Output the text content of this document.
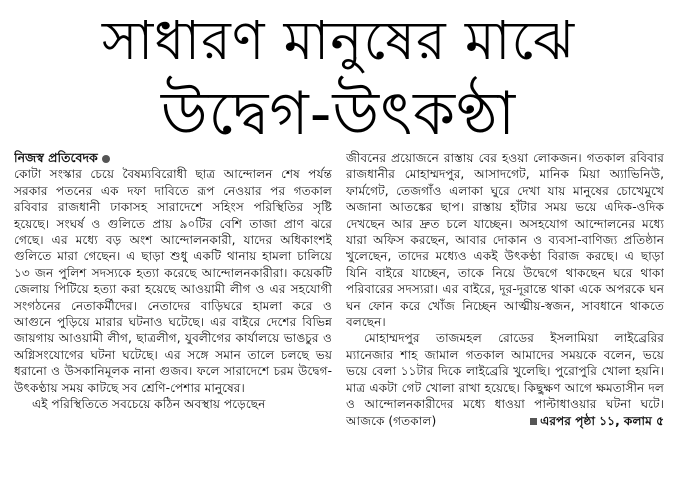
সাধারণ মানুষের মাঝে
উদ্বেগ-উৎকণ্ঠা
নিজস্ব প্রতিবেদক

কোটা সংস্কার চেয়ে বৈষম্যবিরোধী ছাত্র আন্দোলন শেষ পর্যন্ত সরকার পতনের এক দফা দাবিতে রূপ নেওয়ার পর গতকাল রবিবার রাজধানী ঢাকাসহ সারাদেশে সহিংস পরিস্থিতির সৃষ্টি হয়েছে। সংঘর্ষ ও গুলিতে প্রায় ৯০টির বেশি তাজা প্রাণ ঝরে গেছে। এর মধ্যে বড় অংশ আন্দোলনকারী, যাদের অধিকাংশই গুলিতে মারা গেছেন। এ ছাড়া শুধু একটি থানায় হামলা চালিয়ে ১৩ জন পুলিশ সদস্যকে হত্যা করেছে আন্দোলনকারীরা। কয়েকটি জেলায় পিটিয়ে হত্যা করা হয়েছে আওয়ামী লীগ ও এর সহযোগী সংগঠনের নেতাকর্মীদের। নেতাদের বাড়িঘরে হামলা করে ও আগুনে পুড়িয়ে মারার ঘটনাও ঘটেছে। এর বাইরে দেশের বিভিন্ন জায়গায় আওয়ামী লীগ, ছাত্রলীগ, যুবলীগের কার্যালয়ে ভাঙচুর ও অগ্নিসংযোগের ঘটনা ঘটেছে। এর সঙ্গে সমান তালে চলছে ভয় ধরানো ও উসকানিমূলক নানা গুজব। ফলে সারাদেশে চরম উদ্বেগ-উৎকণ্ঠায় সময় কাটছে সব শ্রেণি-পেশার মানুষের।

এই পরিস্থিতিতে সবচেয়ে কঠিন অবস্থায় পড়েছেন

জীবনের প্রয়োজনে রাস্তায় বের হওয়া লোকজন। গতকাল রবিবার রাজধানীর মোহাম্মদপুর, আসাদগেট, মানিক মিয়া অ্যাভিনিউ, ফার্মগেট, তেজগাঁও এলাকা ঘুরে দেখা যায় মানুষের চোখেমুখে অজানা আতঙ্কের ছাপ। রাস্তায় হাঁটার সময় ভয়ে এদিক-ওদিক দেখছেন আর দ্রুত চলে যাচ্ছেন। অসহযোগ আন্দোলনের মধ্যে যারা অফিস করছেন, আবার দোকান ও ব্যবসা-বাণিজ্য প্রতিষ্ঠান খুলেছেন, তাদের মধ্যেও একই উৎকণ্ঠা বিরাজ করছে। এ ছাড়া যিনি বাইরে যাচ্ছেন, তাকে নিয়ে উদ্বেগে থাকছেন ঘরে থাকা পরিবারের সদস্যরা। এর বাইরে, দূর-দূরান্তে থাকা একে অপরকে ঘন ঘন ফোন করে খোঁজ নিচ্ছেন আত্মীয়-স্বজন, সাবধানে থাকতে বলছেন।

মোহাম্মদপুর তাজমহল রোডের ইসলামিয়া লাইব্রেরির ম্যানেজার শাহ জামাল গতকাল আমাদের সময়কে বলেন, ভয়ে ভয়ে বেলা ১১টার দিকে লাইব্রেরি খুলেছি। পুরোপুরি খোলা হয়নি। মাত্র একটা গেট খোলা রাখা হয়েছে। কিছুক্ষণ আগে ক্ষমতাসীন দল ও আন্দোলনকারীদের মধ্যে ধাওয়া পাল্টাধাওয়ার ঘটনা ঘটে। আজকে (গতকাল)	এরপর পৃষ্ঠা ১১, কলাম ৫
